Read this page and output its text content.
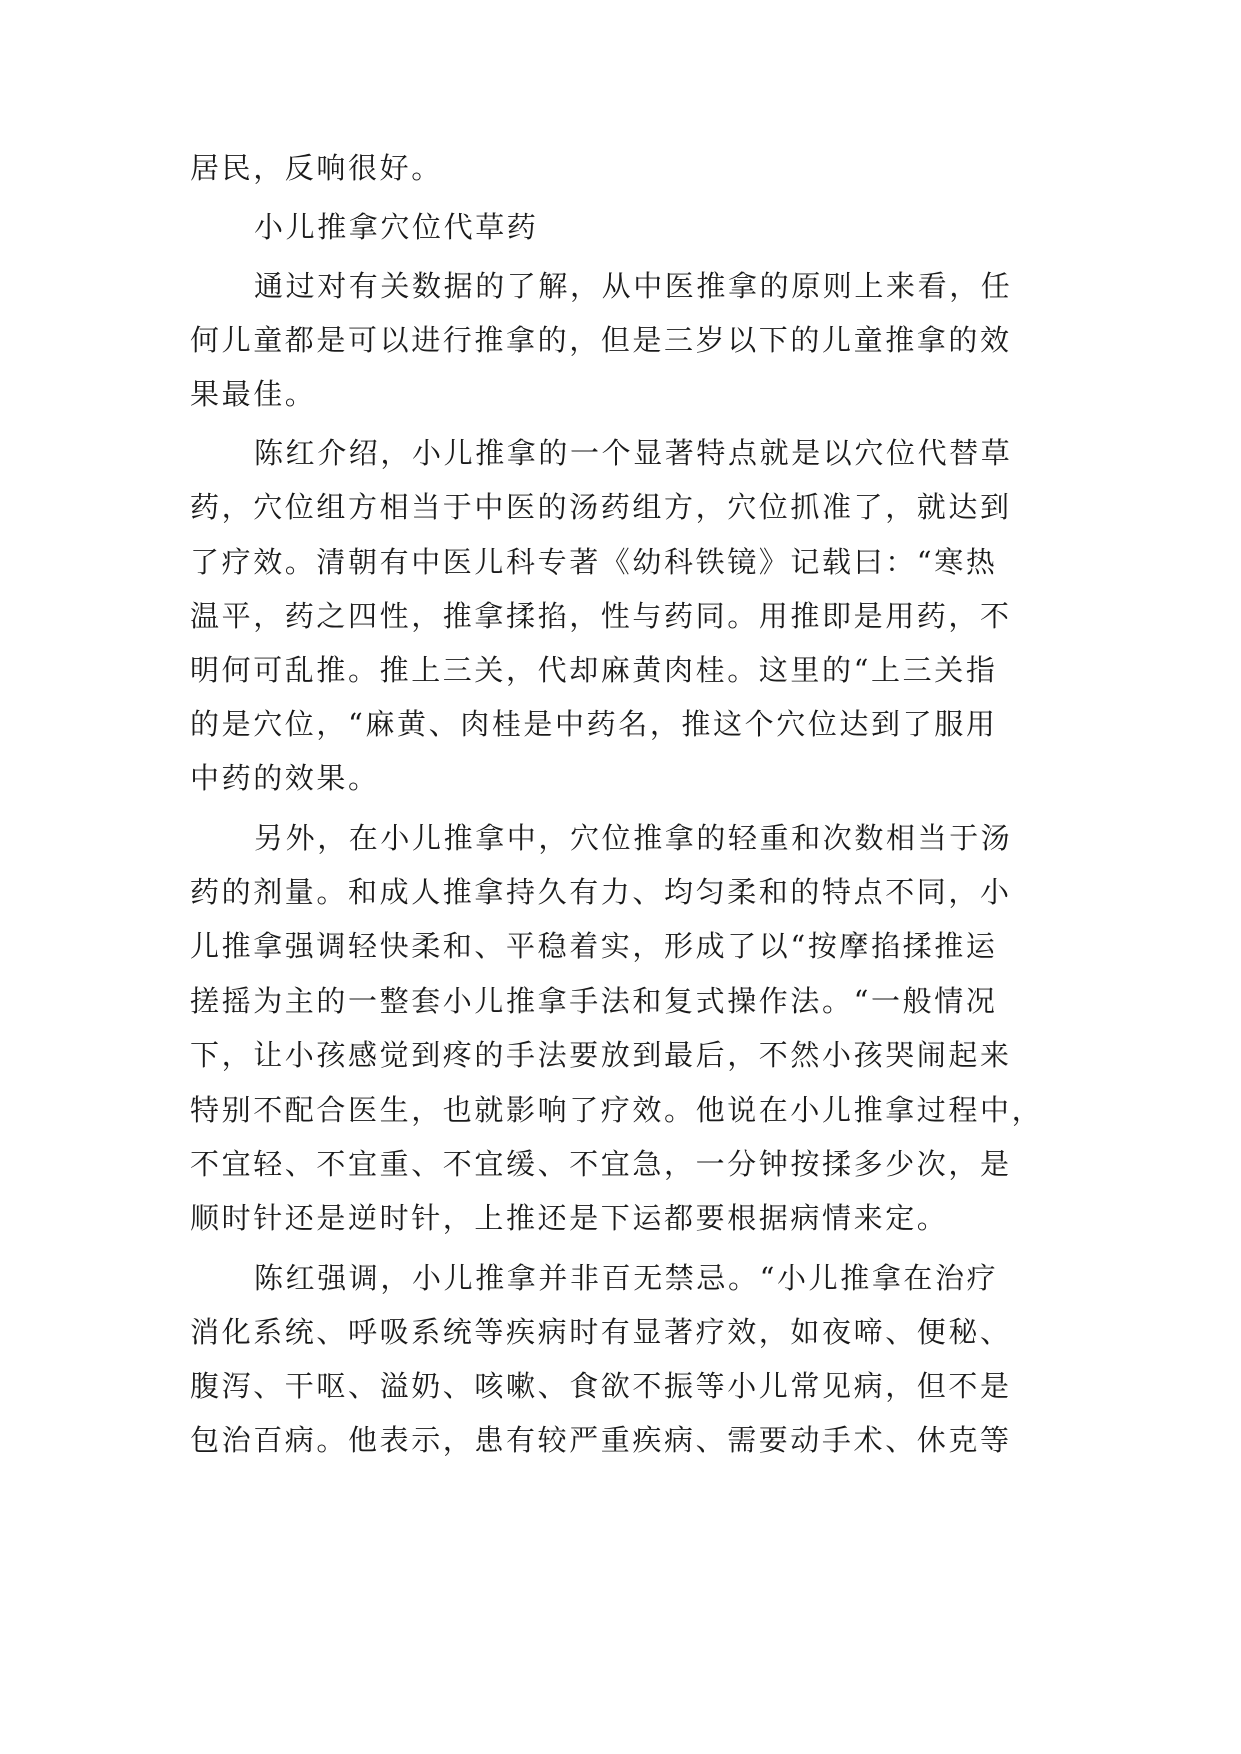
居民，反响很好。

小儿推拿穴位代草药

通过对有关数据的了解，从中医推拿的原则上来看，任

何儿童都是可以进行推拿的，但是三岁以下的儿童推拿的效

果最佳。

陈红介绍，小儿推拿的一个显著特点就是以穴位代替草

药，穴位组方相当于中医的汤药组方，穴位抓准了，就达到

了疗效。清朝有中医儿科专著《幼科铁镜》记载曰：“寒热

温平，药之四性，推拿揉掐，性与药同。用推即是用药，不

明何可乱推。推上三关，代却麻黄肉桂。这里的“上三关指

的是穴位，“麻黄、肉桂是中药名，推这个穴位达到了服用

中药的效果。

另外，在小儿推拿中，穴位推拿的轻重和次数相当于汤

药的剂量。和成人推拿持久有力、均匀柔和的特点不同，小

儿推拿强调轻快柔和、平稳着实，形成了以“按摩掐揉推运

搓摇为主的一整套小儿推拿手法和复式操作法。“一般情况

下，让小孩感觉到疼的手法要放到最后，不然小孩哭闹起来

特别不配合医生，也就影响了疗效。他说在小儿推拿过程中，

不宜轻、不宜重、不宜缓、不宜急，一分钟按揉多少次，是

顺时针还是逆时针，上推还是下运都要根据病情来定。

陈红强调，小儿推拿并非百无禁忌。“小儿推拿在治疗

消化系统、呼吸系统等疾病时有显著疗效，如夜啼、便秘、

腹泻、干呕、溢奶、咳嗽、食欲不振等小儿常见病，但不是

包治百病。他表示，患有较严重疾病、需要动手术、休克等
